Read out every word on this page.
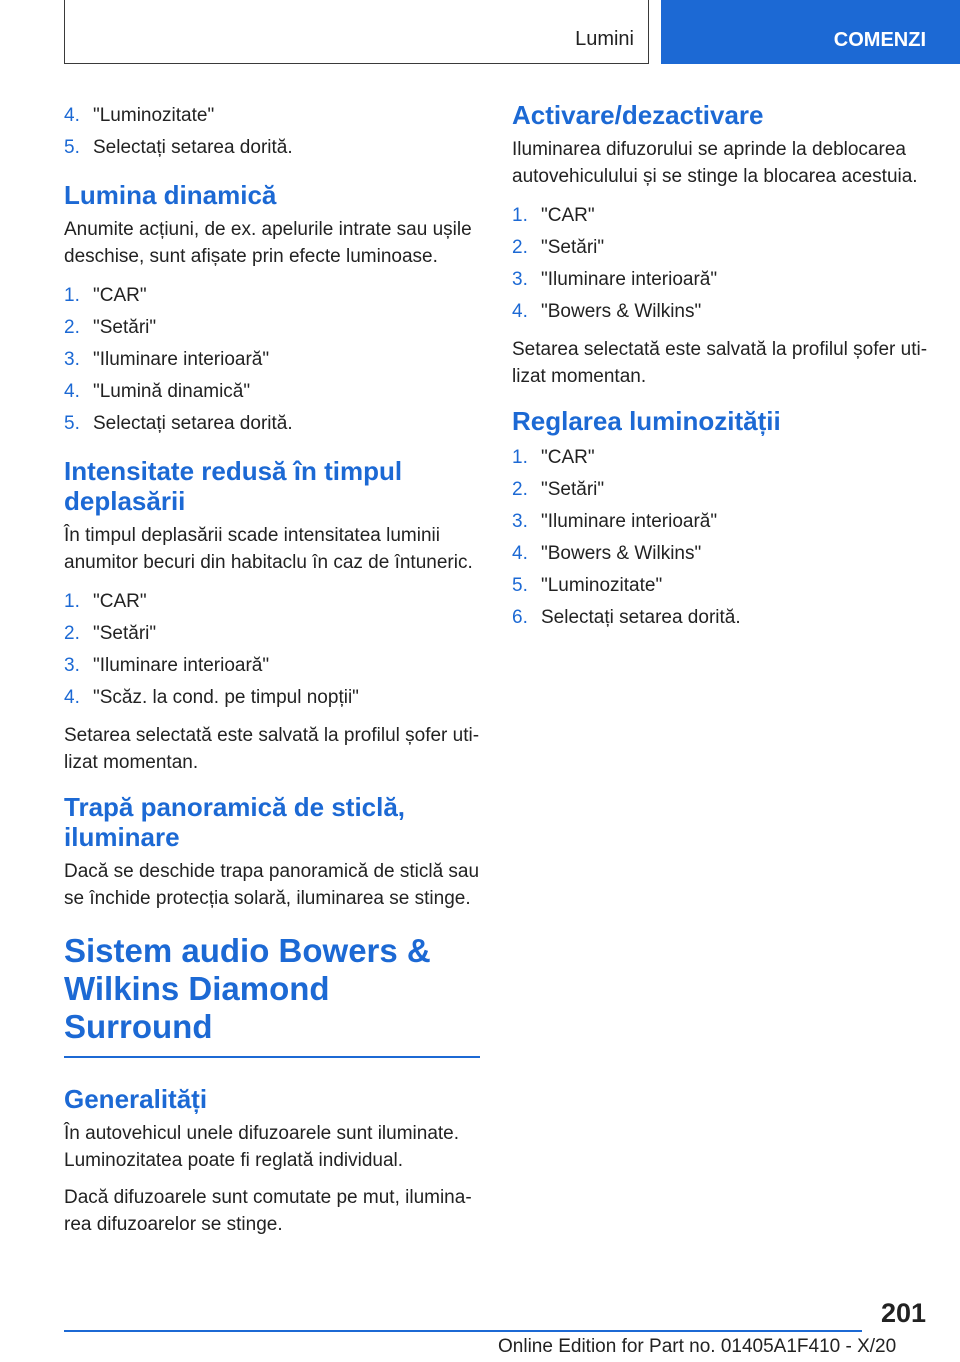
Lumini	COMENZI
4. "Luminozitate"
5. Selectați setarea dorită.
Lumina dinamică

Anumite acțiuni, de ex. apelurile intrate sau ușile deschise, sunt afișate prin efecte luminoase.

1. "CAR"
2. "Setări"
3. "Iluminare interioară"
4. "Lumină dinamică"
5. Selectați setarea dorită.
Intensitate redusă în timpul deplasării

În timpul deplasării scade intensitatea luminii anumitor becuri din habitaclu în caz de întuneric.

1. "CAR"
2. "Setări"
3. "Iluminare interioară"
4. "Scăz. la cond. pe timpul nopții"

Setarea selectată este salvată la profilul șofer uti-lizat momentan.

Trapă panoramică de sticlă, iluminare

Dacă se deschide trapa panoramică de sticlă sau se închide protecția solară, iluminarea se stinge.

Sistem audio Bowers & Wilkins Diamond Surround
Generalități

În autovehicul unele difuzoarele sunt iluminate. Luminozitatea poate fi reglată individual.

Dacă difuzoarele sunt comutate pe mut, ilumina-rea difuzoarelor se stinge.

Activare/dezactivare

Iluminarea difuzorului se aprinde la deblocarea autovehiculului și se stinge la blocarea acestuia.

1. "CAR"
2. "Setări"
3. "Iluminare interioară"
4. "Bowers & Wilkins"

Setarea selectată este salvată la profilul șofer uti-lizat momentan.

Reglarea luminozității
1. "CAR"
2. "Setări"
3. "Iluminare interioară"
4. "Bowers & Wilkins"
5. "Luminozitate"
6. Selectați setarea dorită.
201
Online Edition for Part no. 01405A1F410 - X/20
